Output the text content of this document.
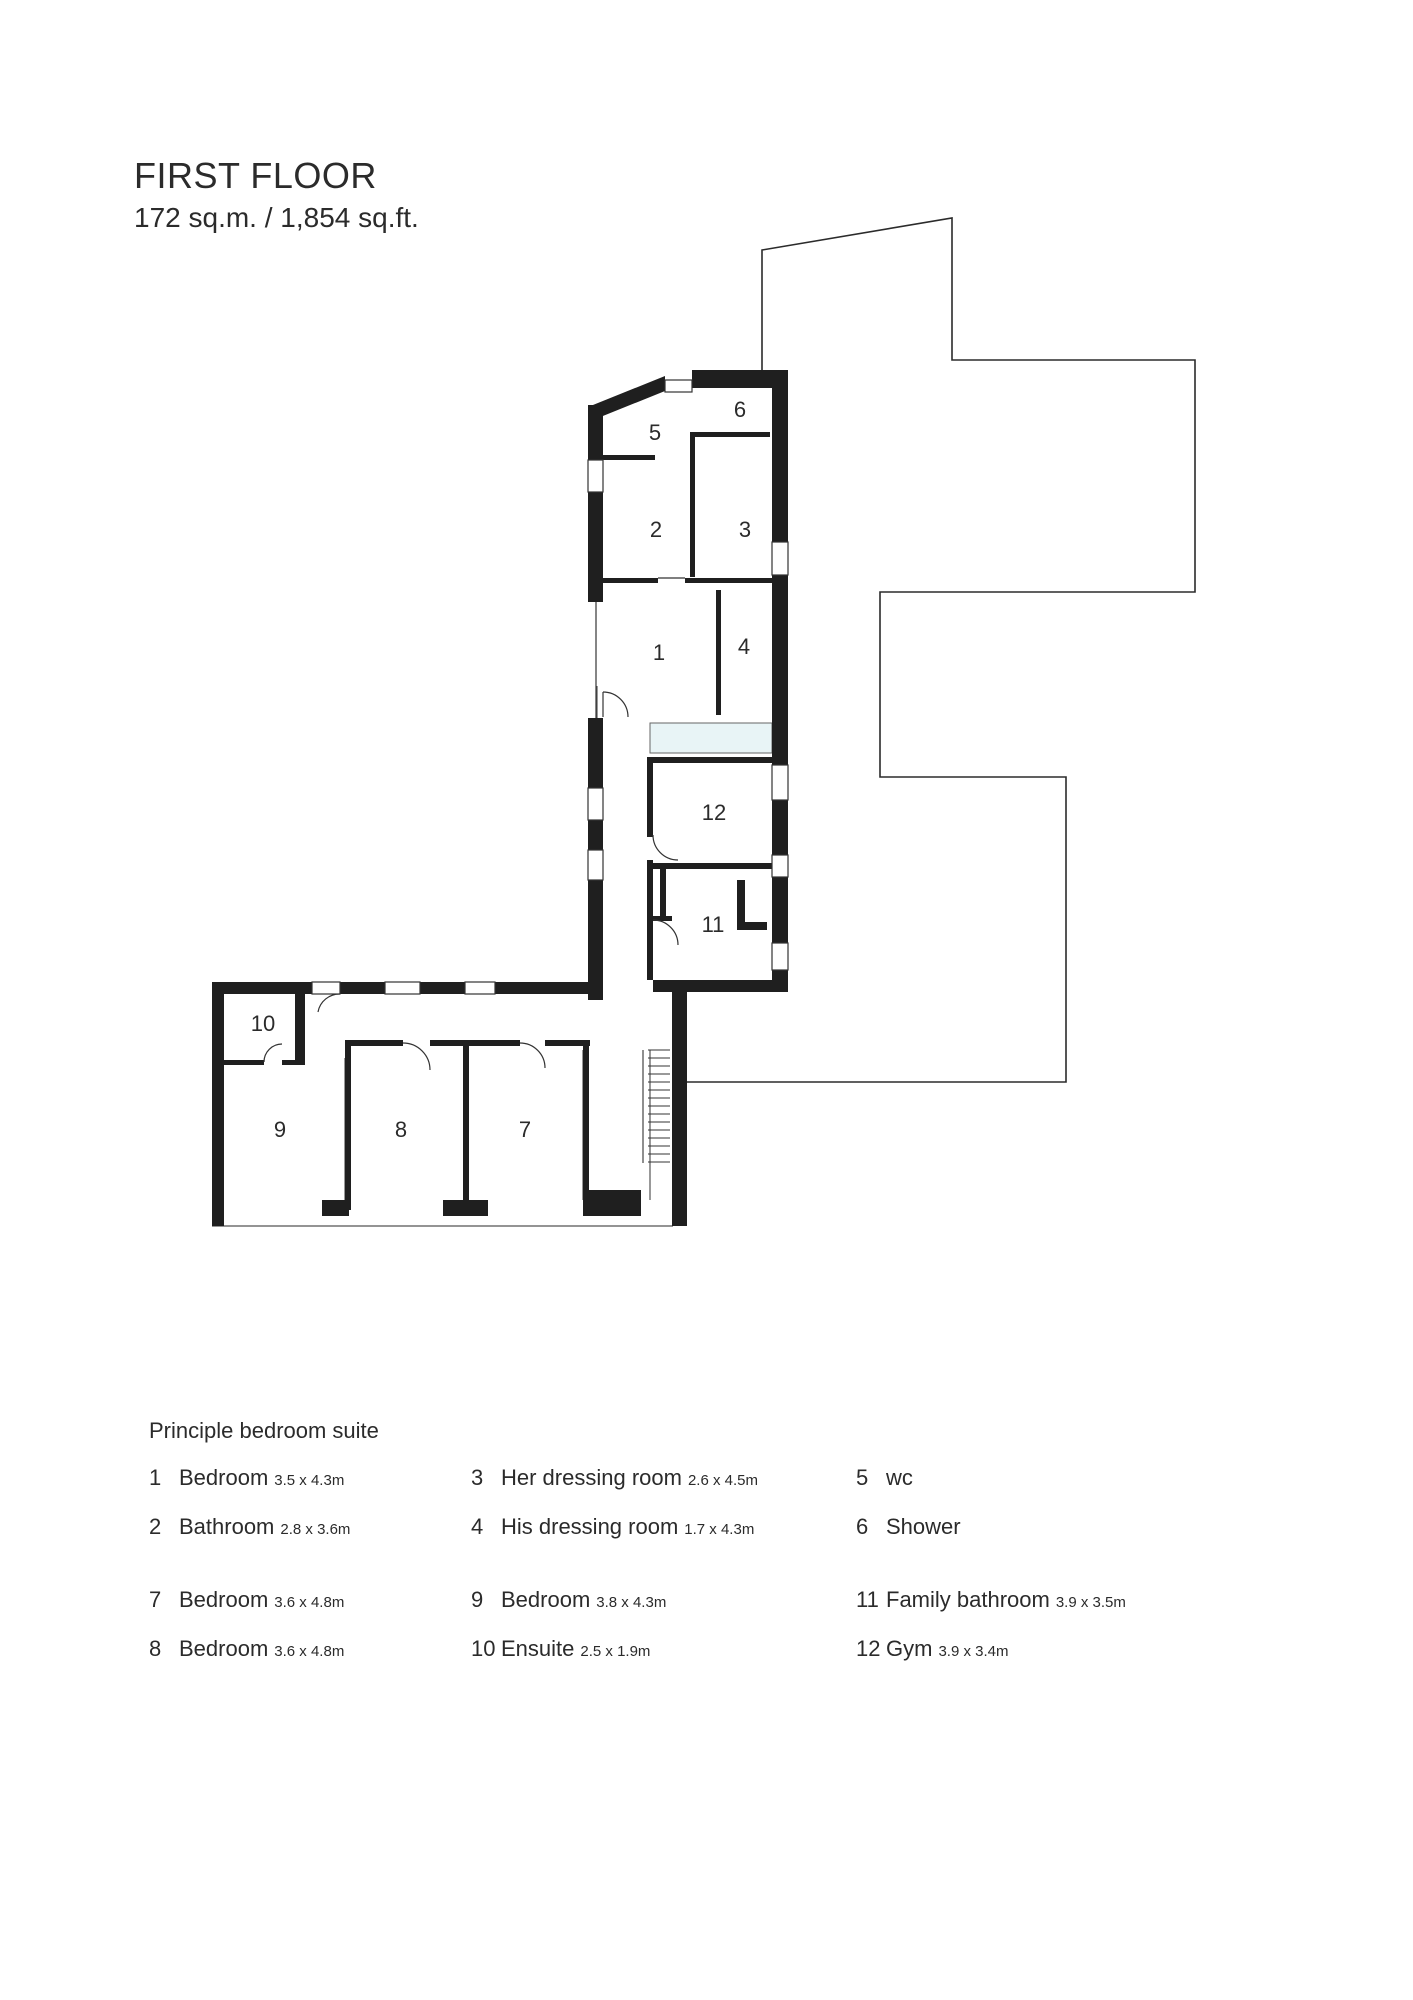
FIRST FLOOR
172 sq.m. / 1,854 sq.ft.
1
2	3
4
5
6
7
8
9
10
11
12
Principle bedroom suite
1 Bedroom 3.5 x 4.3m	3 Her dressing room 2.6 x 4.5m	5 wc
2 Bathroom 2.8 x 3.6m	4 His dressing room 1.7 x 4.3m	6 Shower
7 Bedroom 3.6 x 4.8m	9 Bedroom 3.8 x 4.3m	11 Family bathroom 3.9 x 3.5m
8 Bedroom 3.6 x 4.8m	10 Ensuite 2.5 x 1.9m	12 Gym 3.9 x 3.4m
